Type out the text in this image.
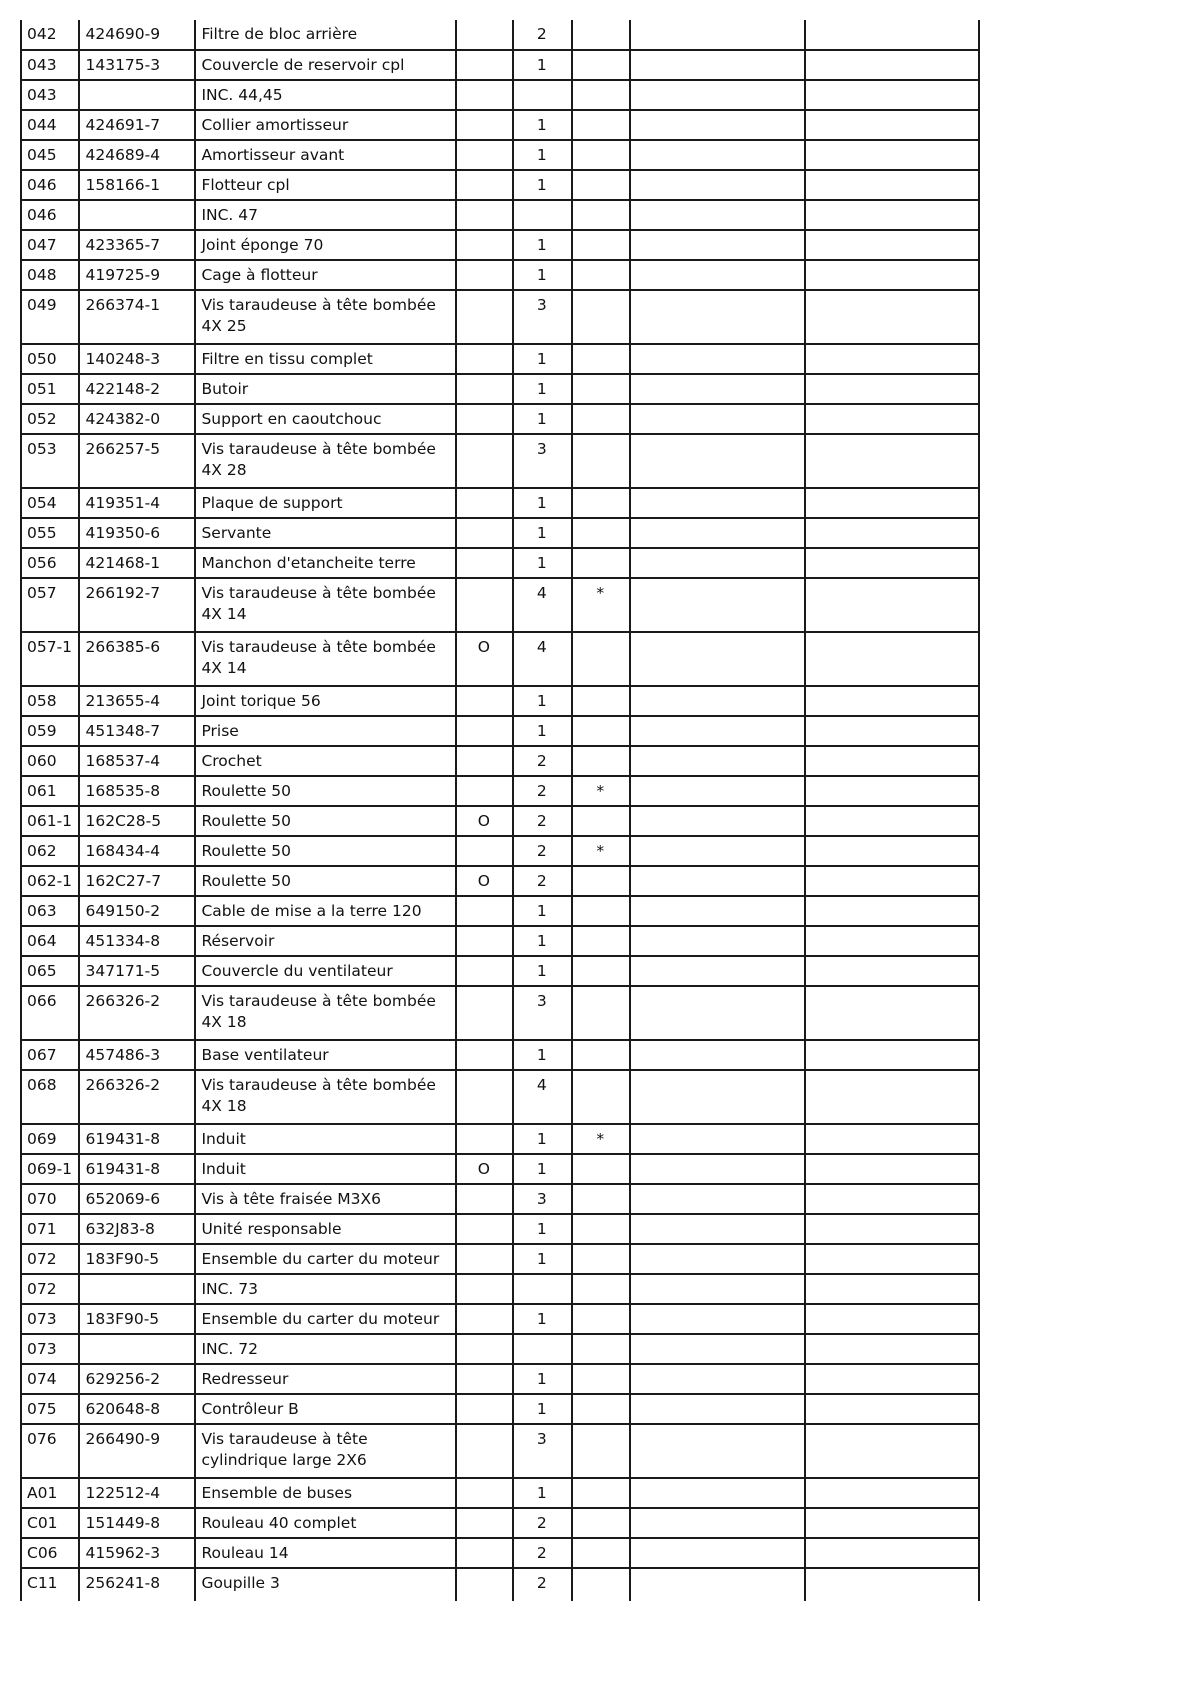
042	424690-9	Filtre de bloc arrière		2			
043	143175-3	Couvercle de reservoir cpl		1			
043		INC. 44,45					
044	424691-7	Collier amortisseur		1			
045	424689-4	Amortisseur avant		1			
046	158166-1	Flotteur cpl		1			
046		INC. 47					
047	423365-7	Joint éponge 70		1			
048	419725-9	Cage à flotteur		1			
049	266374-1	Vis taraudeuse à tête bombée 4X 25		3			
050	140248-3	Filtre en tissu complet		1			
051	422148-2	Butoir		1			
052	424382-0	Support en caoutchouc		1			
053	266257-5	Vis taraudeuse à tête bombée 4X 28		3			
054	419351-4	Plaque de support		1			
055	419350-6	Servante		1			
056	421468-1	Manchon d'etancheite terre		1			
057	266192-7	Vis taraudeuse à tête bombée 4X 14		4	*		
057-1	266385-6	Vis taraudeuse à tête bombée 4X 14	O	4			
058	213655-4	Joint torique 56		1			
059	451348-7	Prise		1			
060	168537-4	Crochet		2			
061	168535-8	Roulette 50		2	*		
061-1	162C28-5	Roulette 50	O	2			
062	168434-4	Roulette 50		2	*		
062-1	162C27-7	Roulette 50	O	2			
063	649150-2	Cable de mise a la terre 120		1			
064	451334-8	Réservoir		1			
065	347171-5	Couvercle du ventilateur		1			
066	266326-2	Vis taraudeuse à tête bombée 4X 18		3			
067	457486-3	Base ventilateur		1			
068	266326-2	Vis taraudeuse à tête bombée 4X 18		4			
069	619431-8	Induit		1	*		
069-1	619431-8	Induit	O	1			
070	652069-6	Vis à tête fraisée M3X6		3			
071	632J83-8	Unité responsable		1			
072	183F90-5	Ensemble du carter du moteur		1			
072		INC. 73					
073	183F90-5	Ensemble du carter du moteur		1			
073		INC. 72					
074	629256-2	Redresseur		1			
075	620648-8	Contrôleur B		1			
076	266490-9	Vis taraudeuse à tête cylindrique large 2X6		3			
A01	122512-4	Ensemble de buses		1			
C01	151449-8	Rouleau 40 complet		2			
C06	415962-3	Rouleau 14		2			
C11	256241-8	Goupille 3		2			
